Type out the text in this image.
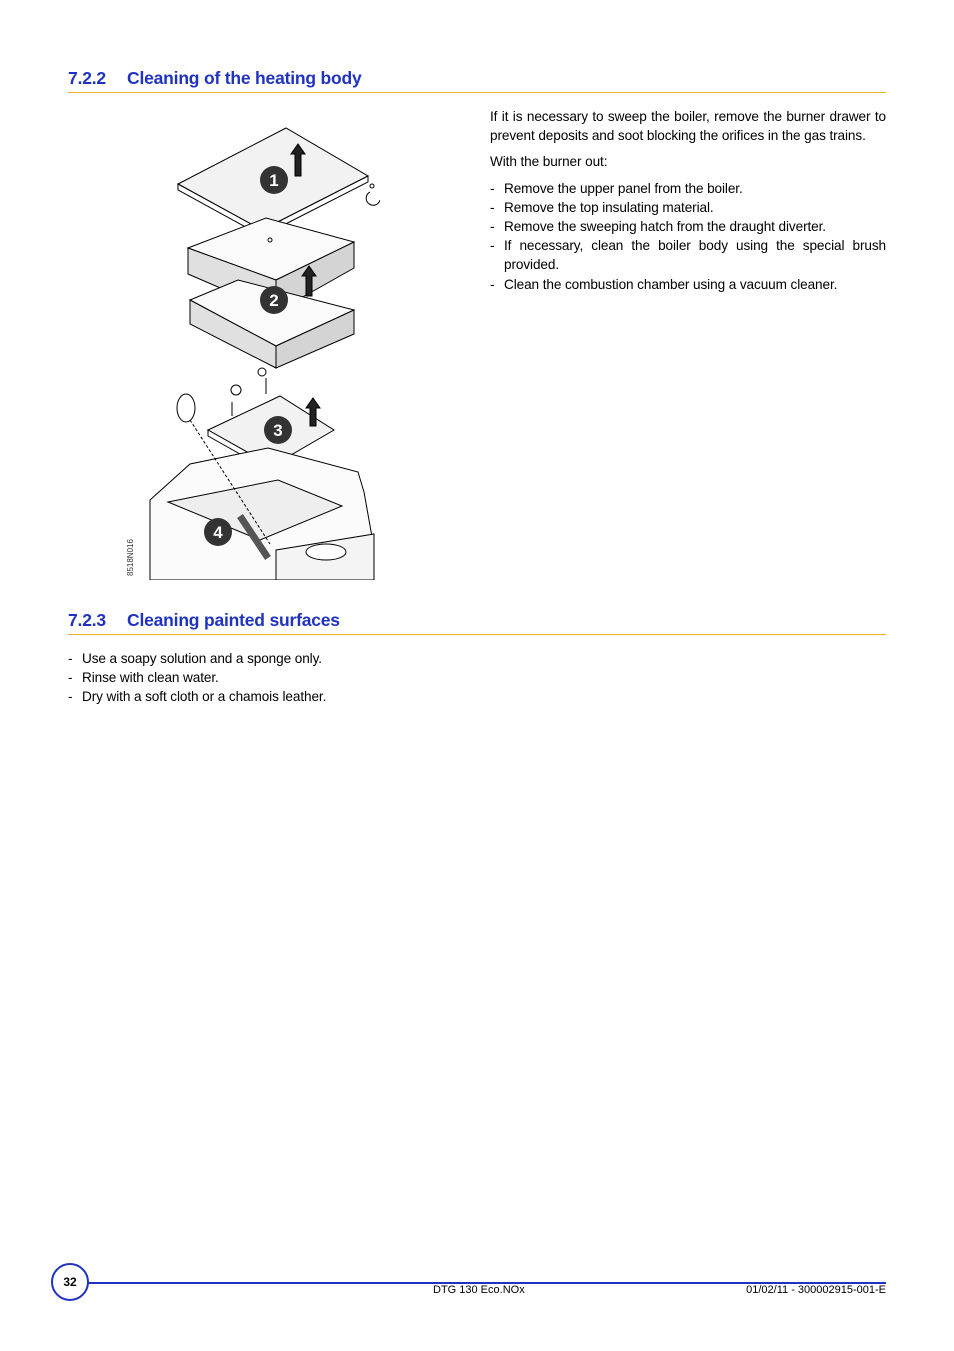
7.2.2 Cleaning of the heating body
1
2
3
4
8518N016

If it is necessary to sweep the boiler, remove the burner drawer to prevent deposits and soot blocking the orifices in the gas trains.

With the burner out:

- Remove the upper panel from the boiler.
- Remove the top insulating material.
- Remove the sweeping hatch from the draught diverter.
- If necessary, clean the boiler body using the special brush provided.
- Clean the combustion chamber using a vacuum cleaner.
7.2.3 Cleaning painted surfaces
- Use a soapy solution and a sponge only.
- Rinse with clean water.
- Dry with a soft cloth or a chamois leather.
32
DTG 130 Eco.NOx	01/02/11 - 300002915-001-E
